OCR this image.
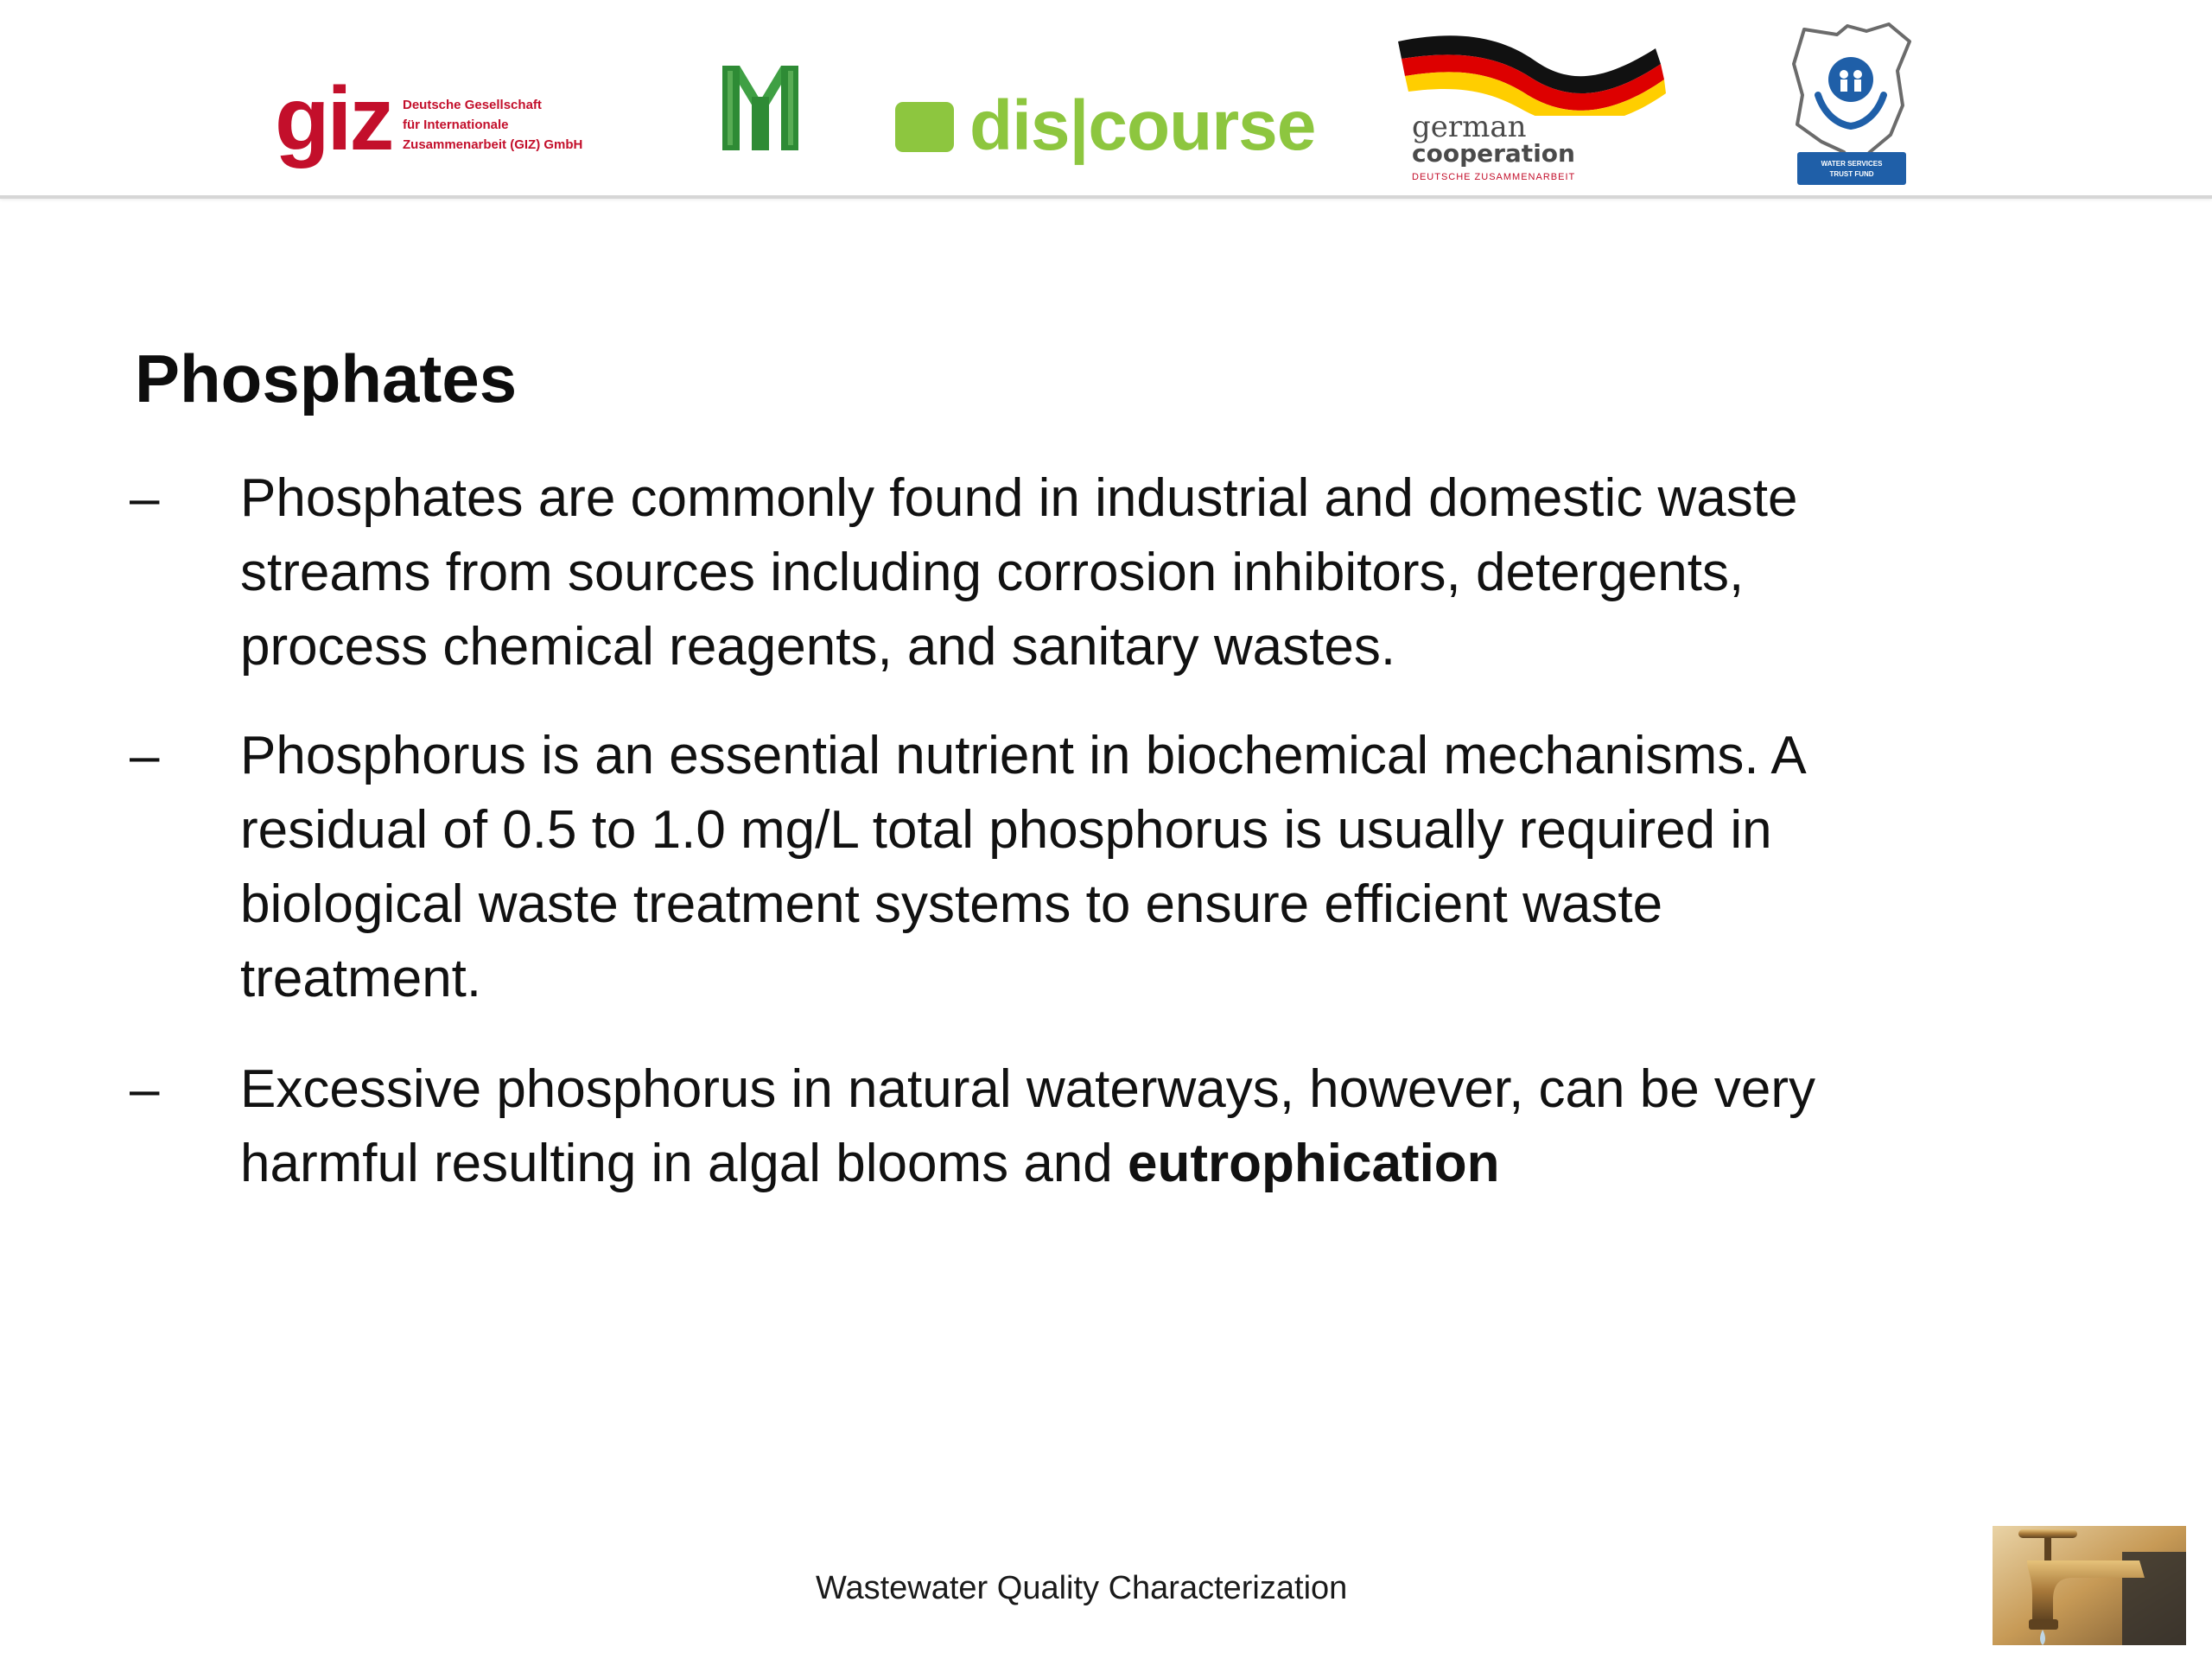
giz Deutsche Gesellschaft
für Internationale
Zusammenarbeit (GIZ) GmbH	dis|course	german
cooperation
DEUTSCHE ZUSAMMENARBEIT
WATER SERVICES
TRUST FUND
Phosphates
–	Phosphates are commonly found in industrial and domestic waste
streams from sources including corrosion inhibitors, detergents,
process chemical reagents, and sanitary wastes.
–	Phosphorus is an essential nutrient in biochemical mechanisms. A
residual of 0.5 to 1.0 mg/L total phosphorus is usually required in
biological waste treatment systems to ensure efficient waste
treatment.
–	Excessive phosphorus in natural waterways, however, can be very
harmful resulting in algal blooms and eutrophication
Wastewater Quality Characterization
